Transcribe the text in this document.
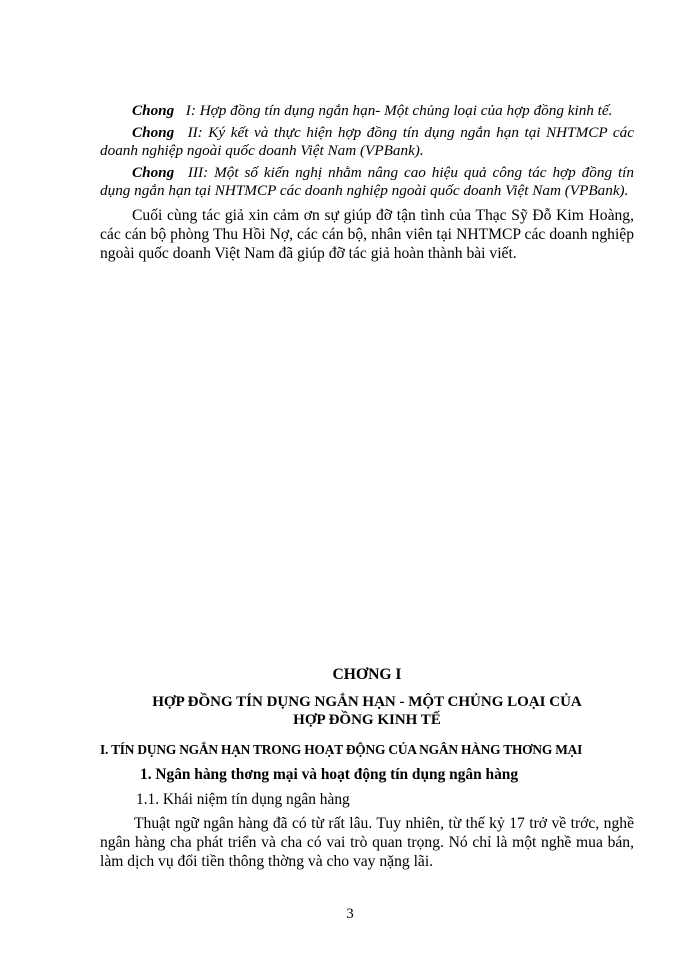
Chong I: Hợp đồng tín dụng ngắn hạn- Một chủng loại của hợp đồng kinh tế.

Chong II: Ký kết và thực hiện hợp đồng tín dụng ngắn hạn tại NHTMCP các doanh nghiệp ngoài quốc doanh Việt Nam (VPBank).

Chong III: Một số kiến nghị nhằm nâng cao hiệu quả công tác hợp đồng tín dụng ngắn hạn tại NHTMCP các doanh nghiệp ngoài quốc doanh Việt Nam (VPBank).

Cuối cùng tác giả xin cảm ơn sự giúp đỡ tận tình của Thạc Sỹ Đỗ Kim Hoàng, các cán bộ phòng Thu Hồi Nợ, các cán bộ, nhân viên tại NHTMCP các doanh nghiệp ngoài quốc doanh Việt Nam đã giúp đỡ tác giả hoàn thành bài viết.

CHƠNG I
HỢP ĐỒNG TÍN DỤNG NGẮN HẠN - MỘT CHỦNG LOẠI CỦA
HỢP ĐỒNG KINH TẾ
I. TÍN DỤNG NGẮN HẠN TRONG HOẠT ĐỘNG CỦA NGÂN HÀNG THƠNG MẠI
1. Ngân hàng thơng mại và hoạt động tín dụng ngân hàng
1.1. Khái niệm tín dụng ngân hàng
Thuật ngữ ngân hàng đã có từ rất lâu. Tuy nhiên, từ thế kỷ 17 trở về trớc, nghề ngân hàng cha phát triển và cha có vai trò quan trọng. Nó chỉ là một nghề mua bán, làm dịch vụ đổi tiền thông thờng và cho vay nặng lãi.
3
